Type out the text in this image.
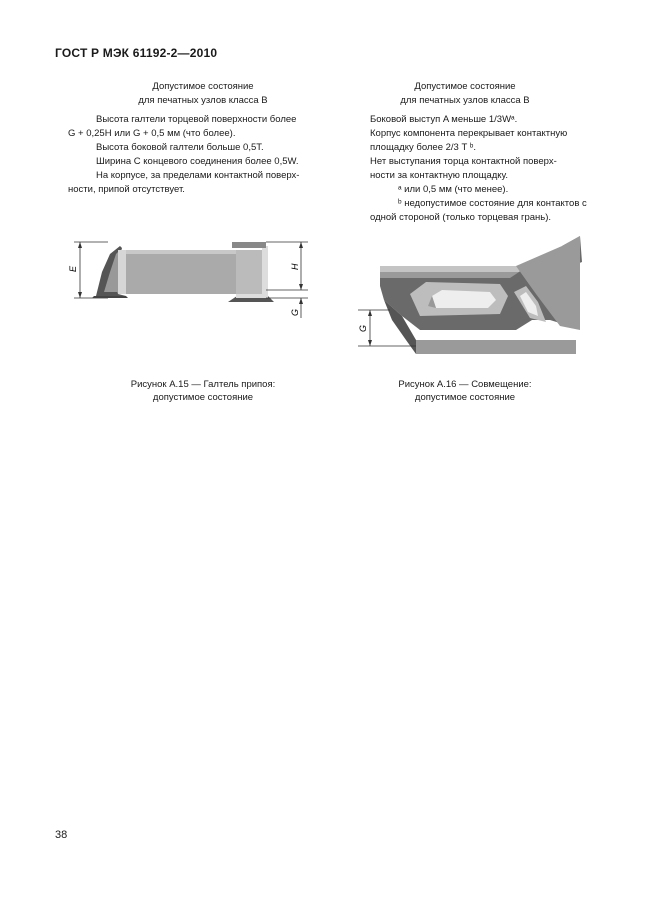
ГОСТ Р МЭК 61192-2—2010
Допустимое состояние
для печатных узлов класса В

Высота галтели торцевой поверхности более

G + 0,25H или G + 0,5 мм (что более).

Высота боковой галтели больше 0,5T.

Ширина С концевого соединения более 0,5W.

На корпусе, за пределами контактной поверх-

ности, припой отсутствует.

E	H
G
Рисунок А.15 — Галтель припоя:
допустимое состояние
Допустимое состояние
для печатных узлов класса В

Боковой выступ A меньше 1/3Wᵃ.

Корпус компонента перекрывает контактную

площадку более 2/3 T ᵇ.

Нет выступания торца контактной поверх-

ности за контактную площадку.

ᵃ или 0,5 мм (что менее).

ᵇ недопустимое состояние для контактов с

одной стороной (только торцевая грань).

G
Рисунок А.16 — Совмещение:
допустимое состояние
38
